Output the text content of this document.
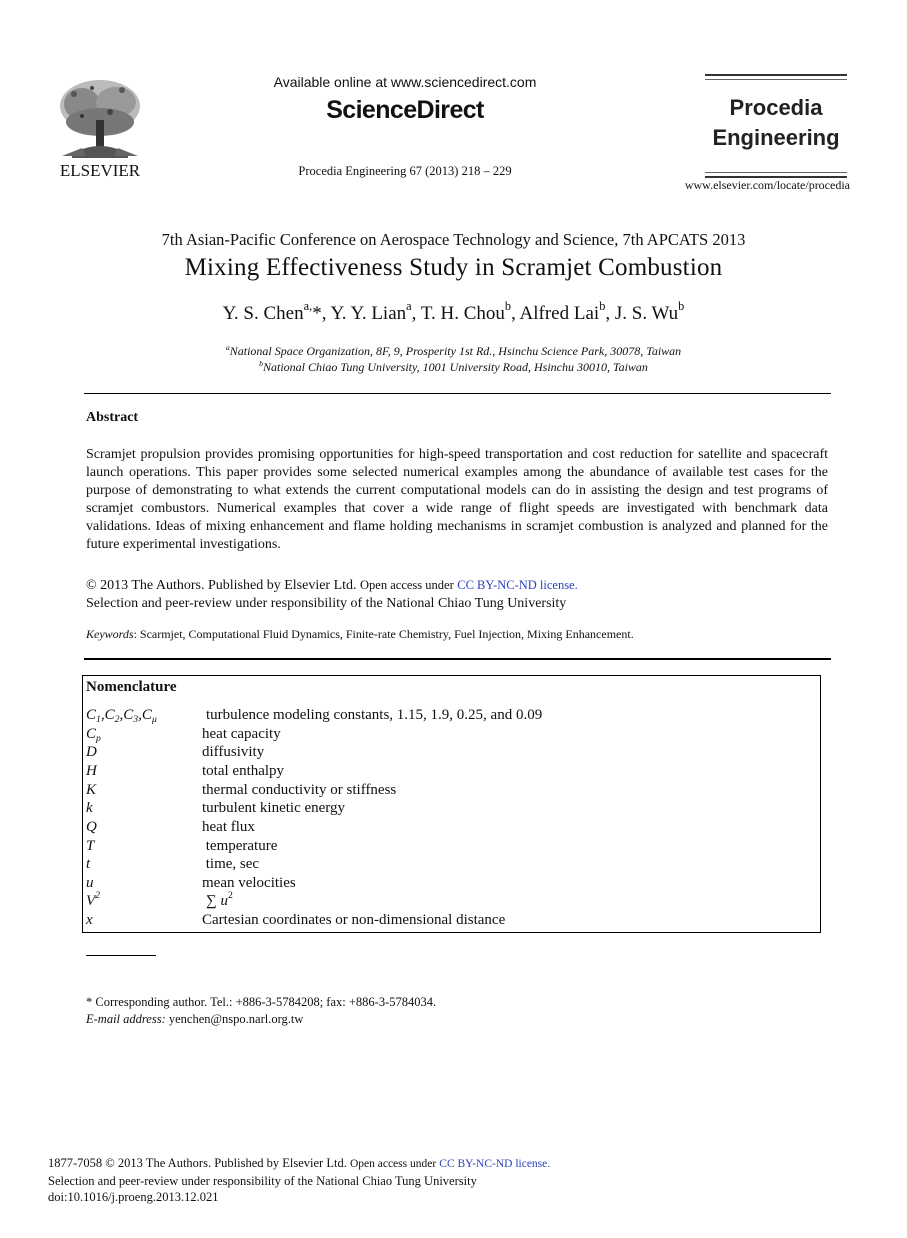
ELSEVIER
Available online at www.sciencedirect.com
ScienceDirect
Procedia Engineering 67 (2013) 218 – 229
Procedia
Engineering
www.elsevier.com/locate/procedia
7th Asian-Pacific Conference on Aerospace Technology and Science, 7th APCATS 2013
Mixing Effectiveness Study in Scramjet Combustion
Y. S. Chen$^{a,}$*, Y. Y. Lian$^a$, T. H. Chou$^b$, Alfred Lai$^b$, J. S. Wu$^b$
$^a$National Space Organization, 8F, 9, Prosperity 1st Rd., Hsinchu Science Park, 30078, Taiwan
$^b$National Chiao Tung University, 1001 University Road, Hsinchu 30010, Taiwan
Abstract
Scramjet propulsion provides promising opportunities for high-speed transportation and cost reduction for satellite and spacecraft launch operations. This paper provides some selected numerical examples among the abundance of available test cases for the purpose of demonstrating to what extends the current computational models can do in assisting the design and test programs of scramjet combustors. Numerical examples that cover a wide range of flight speeds are investigated with benchmark data validations. Ideas of mixing enhancement and flame holding mechanisms in scramjet combustion is analyzed and planned for the future experimental investigations.
© 2013 The Authors. Published by Elsevier Ltd. Open access under CC BY-NC-ND license.
Selection and peer-review under responsibility of the National Chiao Tung University
Keywords: Scarmjet, Computational Fluid Dynamics, Finite-rate Chemistry, Fuel Injection, Mixing Enhancement.
Nomenclature
$C_1,C_2,C_3,C_\mu$	turbulence modeling constants, 1.15, 1.9, 0.25, and 0.09
$C_p$	heat capacity
D	diffusivity
H	total enthalpy
K	thermal conductivity or stiffness
k	turbulent kinetic energy
Q	heat flux
T	temperature
t	time, sec
u	mean velocities
$V^2$	∑ $u^2$
x	Cartesian coordinates or non-dimensional distance
* Corresponding author. Tel.: +886-3-5784208; fax: +886-3-5784034.
E-mail address: yenchen@nspo.narl.org.tw
1877-7058 © 2013 The Authors. Published by Elsevier Ltd. Open access under CC BY-NC-ND license.
Selection and peer-review under responsibility of the National Chiao Tung University
doi:10.1016/j.proeng.2013.12.021
